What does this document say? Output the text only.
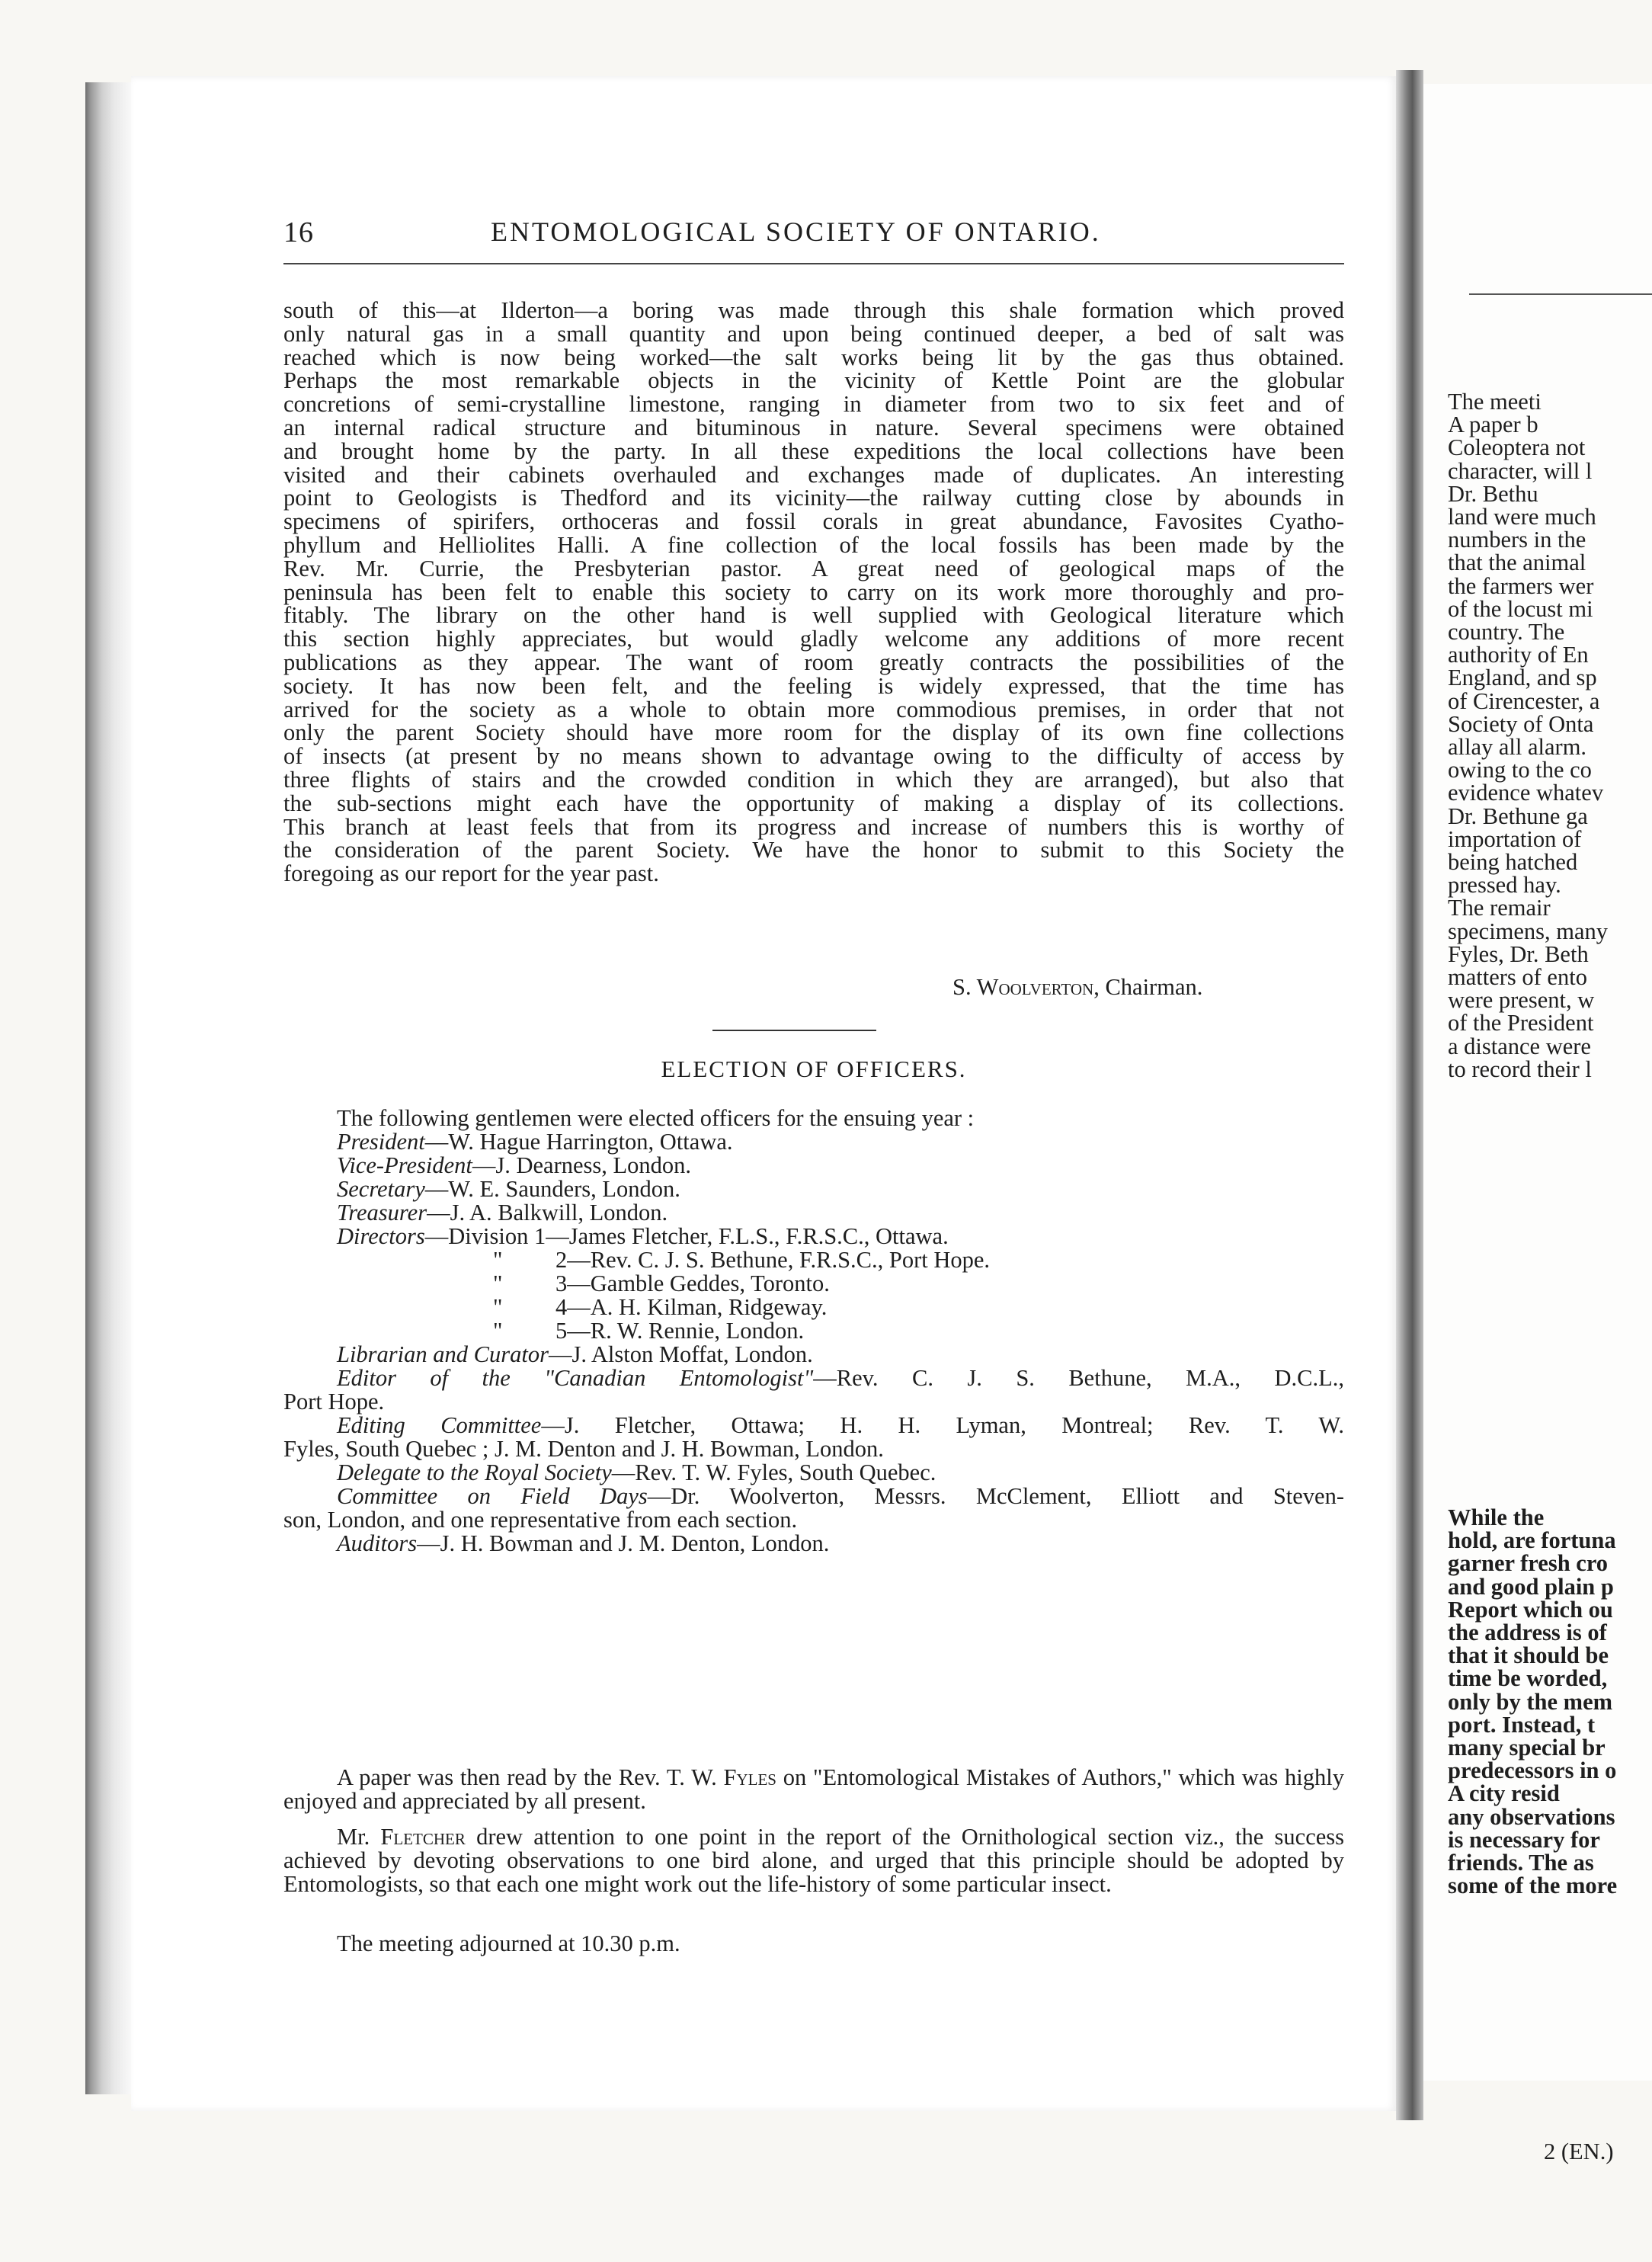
16	ENTOMOLOGICAL SOCIETY OF ONTARIO.

south of this—at Ilderton—a boring was made through this shale formation which proved
only natural gas in a small quantity and upon being continued deeper, a bed of salt was
reached which is now being worked—the salt works being lit by the gas thus obtained.
Perhaps the most remarkable objects in the vicinity of Kettle Point are the globular
concretions of semi-crystalline limestone, ranging in diameter from two to six feet and of
an internal radical structure and bituminous in nature. Several specimens were obtained
and brought home by the party. In all these expeditions the local collections have been
visited and their cabinets overhauled and exchanges made of duplicates. An interesting
point to Geologists is Thedford and its vicinity—the railway cutting close by abounds in
specimens of spirifers, orthoceras and fossil corals in great abundance, Favosites Cyatho-
phyllum and Helliolites Halli. A fine collection of the local fossils has been made by the
Rev. Mr. Currie, the Presbyterian pastor. A great need of geological maps of the
peninsula has been felt to enable this society to carry on its work more thoroughly and pro-
fitably. The library on the other hand is well supplied with Geological literature which
this section highly appreciates, but would gladly welcome any additions of more recent
publications as they appear. The want of room greatly contracts the possibilities of the
society. It has now been felt, and the feeling is widely expressed, that the time has
arrived for the society as a whole to obtain more commodious premises, in order that not
only the parent Society should have more room for the display of its own fine collections
of insects (at present by no means shown to advantage owing to the difficulty of access by
three flights of stairs and the crowded condition in which they are arranged), but also that
the sub-sections might each have the opportunity of making a display of its collections.
This branch at least feels that from its progress and increase of numbers this is worthy of
the consideration of the parent Society. We have the honor to submit to this Society the
foregoing as our report for the year past.

S. Woolverton, Chairman.
ELECTION OF OFFICERS.
The following gentlemen were elected officers for the ensuing year :
President—W. Hague Harrington, Ottawa.
Vice-President—J. Dearness, London.
Secretary—W. E. Saunders, London.
Treasurer—J. A. Balkwill, London.
Directors—Division 1—James Fletcher, F.L.S., F.R.S.C., Ottawa.
" 2—Rev. C. J. S. Bethune, F.R.S.C., Port Hope.
" 3—Gamble Geddes, Toronto.
" 4—A. H. Kilman, Ridgeway.
" 5—R. W. Rennie, London.
Librarian and Curator—J. Alston Moffat, London.
Editor of the "Canadian Entomologist"—Rev. C. J. S. Bethune, M.A., D.C.L.,
Port Hope.
Editing Committee—J. Fletcher, Ottawa; H. H. Lyman, Montreal; Rev. T. W.
Fyles, South Quebec ; J. M. Denton and J. H. Bowman, London.
Delegate to the Royal Society—Rev. T. W. Fyles, South Quebec.
Committee on Field Days—Dr. Woolverton, Messrs. McClement, Elliott and Steven-
son, London, and one representative from each section.
Auditors—J. H. Bowman and J. M. Denton, London.

A paper was then read by the Rev. T. W. Fyles on "Entomological Mistakes of Authors," which was highly enjoyed and appreciated by all present.

Mr. Fletcher drew attention to one point in the report of the Ornithological section viz., the success achieved by devoting observations to one bird alone, and urged that this principle should be adopted by Entomologists, so that each one might work out the life-history of some particular insect.

The meeting adjourned at 10.30 p.m.

The meeti
A paper b
Coleoptera not
character, will l
Dr. Bethu
land were much
numbers in the
that the animal
the farmers wer
of the locust mi
country. The
authority of En
England, and sp
of Cirencester, a
Society of Onta
allay all alarm.
owing to the co
evidence whatev
Dr. Bethune ga
importation of
being hatched
pressed hay.
The remair
specimens, many
Fyles, Dr. Beth
matters of ento
were present, w
of the President
a distance were
to record their l
While the
hold, are fortuna
garner fresh cro
and good plain p
Report which ou
the address is of
that it should be
time be worded,
only by the mem
port. Instead, t
many special br
predecessors in o
A city resid
any observations
is necessary for
friends. The as
some of the more
2 (EN.)
